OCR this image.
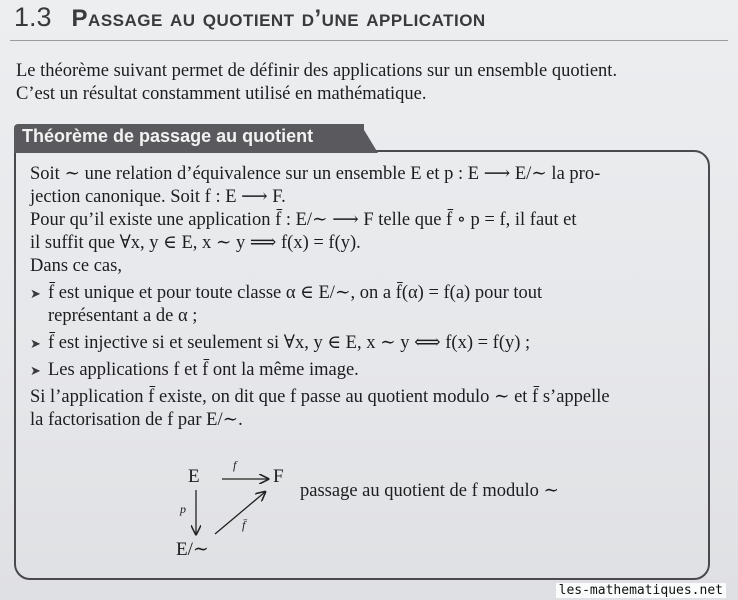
1.3 Passage au quotient d’une application
Le théorème suivant permet de définir des applications sur un ensemble quotient.
C’est un résultat constamment utilisé en mathématique.
Théorème de passage au quotient
Soit ∼ une relation d’équivalence sur un ensemble E et p : E ⟶ E/∼ la pro-
jection canonique. Soit f : E ⟶ F.
Pour qu’il existe une application f̄ : E/∼ ⟶ F telle que f̄ ∘ p = f, il faut et
il suffit que ∀x, y ∈ E, x ∼ y ⟹ f(x) = f(y).
Dans ce cas,
➤ f̄ est unique et pour toute classe α ∈ E/∼, on a f̄(α) = f(a) pour tout
représentant a de α ;
➤ f̄ est injective si et seulement si ∀x, y ∈ E, x ∼ y ⟺ f(x) = f(y) ;
➤ Les applications f et f̄ ont la même image.
Si l’application f̄ existe, on dit que f passe au quotient modulo ∼ et f̄ s’appelle
la factorisation de f par E/∼.
E	F
E/∼
f
p
f̄
passage au quotient de f modulo ∼
les-mathematiques.net
